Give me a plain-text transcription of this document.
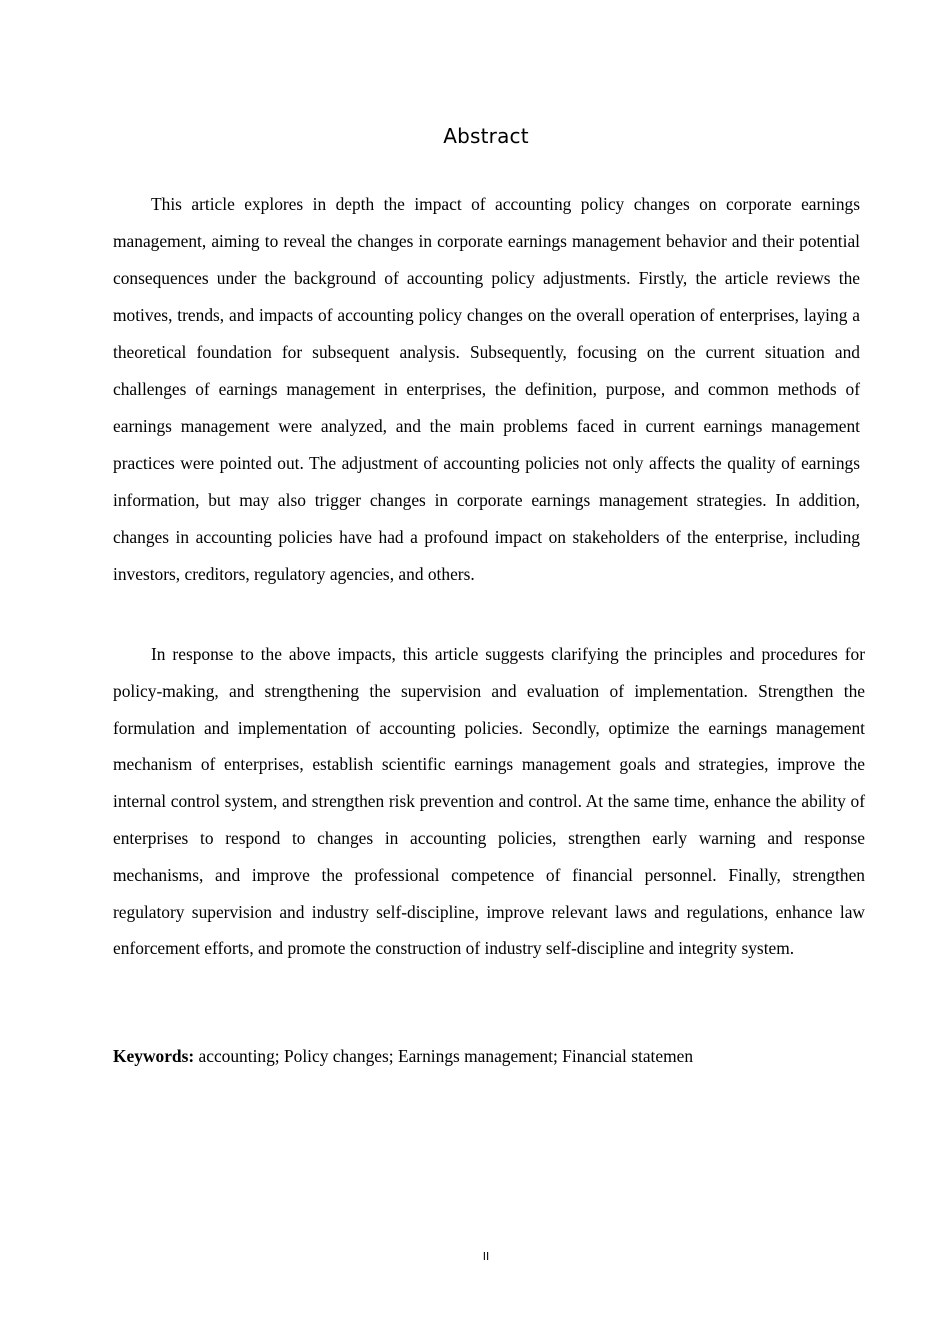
Abstract

This article explores in depth the impact of accounting policy changes on corporate earnings management, aiming to reveal the changes in corporate earnings management behavior and their potential consequences under the background of accounting policy adjustments. Firstly, the article reviews the motives, trends, and impacts of accounting policy changes on the overall operation of enterprises, laying a theoretical foundation for subsequent analysis. Subsequently, focusing on the current situation and challenges of earnings management in enterprises, the definition, purpose, and common methods of earnings management were analyzed, and the main problems faced in current earnings management practices were pointed out. The adjustment of accounting policies not only affects the quality of earnings information, but may also trigger changes in corporate earnings management strategies. In addition, changes in accounting policies have had a profound impact on stakeholders of the enterprise, including investors, creditors, regulatory agencies, and others.

In response to the above impacts, this article suggests clarifying the principles and procedures for policy-making, and strengthening the supervision and evaluation of implementation. Strengthen the formulation and implementation of accounting policies. Secondly, optimize the earnings management mechanism of enterprises, establish scientific earnings management goals and strategies, improve the internal control system, and strengthen risk prevention and control. At the same time, enhance the ability of enterprises to respond to changes in accounting policies, strengthen early warning and response mechanisms, and improve the professional competence of financial personnel. Finally, strengthen regulatory supervision and industry self-discipline, improve relevant laws and regulations, enhance law enforcement efforts, and promote the construction of industry self-discipline and integrity system.

Keywords: accounting; Policy changes; Earnings management; Financial statemen

II
